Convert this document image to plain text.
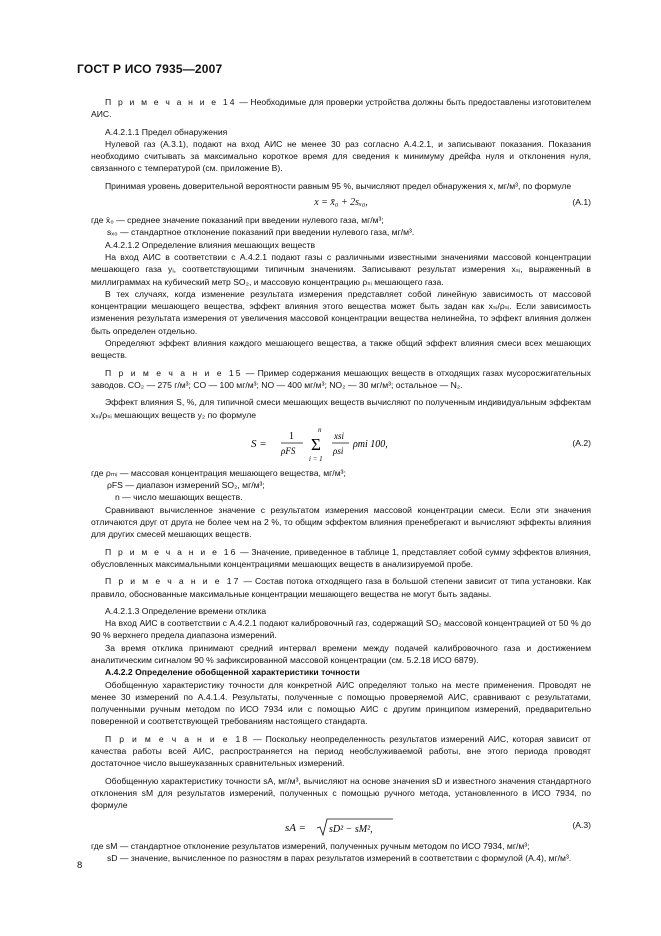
ГОСТ Р ИСО 7935—2007

П р и м е ч а н и е 14 — Необходимые для проверки устройства должны быть предоставлены изготовителем АИС.

А.4.2.1.1 Предел обнаружения

Нулевой газ (А.3.1), подают на вход АИС не менее 30 раз согласно А.4.2.1, и записывают показания. Показания необходимо считывать за максимально короткое время для сведения к минимуму дрейфа нуля и отклонения нуля, связанного с температурой (см. приложение В).

Принимая уровень доверительной вероятности равным 95 %, вычисляют предел обнаружения x, мг/м³, по формуле

x = x̄₀ + 2sₓ₀,	(А.1)
где x̄₀ — среднее значение показаний при введении нулевого газа, мг/м³;
sₓ₀ — стандартное отклонение показаний при введении нулевого газа, мг/м³.

А.4.2.1.2 Определение влияния мешающих веществ

На вход АИС в соответствии с А.4.2.1 подают газы с различными известными значениями массовой концентрации мешающего газа yᵢ, соответствующими типичным значениям. Записывают результат измерения xₛᵢ, выраженный в миллиграммах на кубический метр SO₂, и массовую концентрацию ρₛᵢ мешающего газа.

В тех случаях, когда изменение результата измерения представляет собой линейную зависимость от массовой концентрации мешающего вещества, эффект влияния этого вещества может быть задан как xₛᵢ/ρₛᵢ. Если зависимость изменения результата измерения от увеличения массовой концентрации вещества нелинейна, то эффект влияния должен быть определен отдельно.

Определяют эффект влияния каждого мешающего вещества, а также общий эффект влияния смеси всех мешающих веществ.

П р и м е ч а н и е 15 — Пример содержания мешающих веществ в отходящих газах мусоросжигательных заводов. CO₂ — 275 г/м³; CO — 100 мг/м³; NO — 400 мг/м³; NO₂ — 30 мг/м³; остальное — N₂.

Эффект влияния S, %, для типичной смеси мешающих веществ вычисляют по полученным индивидуальным эффектам xₛᵢ/ρₛᵢ мешающих веществ y₂ по формуле

S =
1
ρFS
n
Σ
i = 1
xsi
ρsi
ρmi 100,	(А.2)
где ρₘᵢ — массовая концентрация мешающего вещества, мг/м³;
ρFS — диапазон измерений SO₂, мг/м³;
n — число мешающих веществ.

Сравнивают вычисленное значение с результатом измерения массовой концентрации смеси. Если эти значения отличаются друг от друга не более чем на 2 %, то общим эффектом влияния пренебрегают и вычисляют эффекты влияния для других смесей мешающих веществ.

П р и м е ч а н и е 16 — Значение, приведенное в таблице 1, представляет собой сумму эффектов влияния, обусловленных максимальными концентрациями мешающих веществ в анализируемой пробе.

П р и м е ч а н и е 17 — Состав потока отходящего газа в большой степени зависит от типа установки. Как правило, обоснованные максимальные концентрации мешающего вещества не могут быть заданы.

А.4.2.1.3 Определение времени отклика

На вход АИС в соответствии с А.4.2.1 подают калибровочный газ, содержащий SO₂ массовой концентрацией от 50 % до 90 % верхнего предела диапазона измерений.

За время отклика принимают средний интервал времени между подачей калибровочного газа и достижением аналитическим сигналом 90 % зафиксированной массовой концентрации (см. 5.2.18 ИСО 6879).

А.4.2.2 Определение обобщенной характеристики точности

Обобщенную характеристику точности для конкретной АИС определяют только на месте применения. Проводят не менее 30 измерений по А.4.1.4. Результаты, полученные с помощью проверяемой АИС, сравнивают с результатами, полученными ручным методом по ИСО 7934 или с помощью АИС с другим принципом измерений, предварительно поверенной и соответствующей требованиям настоящего стандарта.

П р и м е ч а н и е 18 — Поскольку неопределенность результатов измерений АИС, которая зависит от качества работы всей АИС, распространяется на период необслуживаемой работы, вне этого периода проводят достаточное число вышеуказанных сравнительных измерений.

Обобщенную характеристику точности sA, мг/м³, вычисляют на основе значения sD и известного значения стандартного отклонения sM для результатов измерений, полученных с помощью ручного метода, установленного в ИСО 7934, по формуле

sA = sD² − sM²,	(А.3)
где sM — стандартное отклонение результатов измерений, полученных ручным методом по ИСО 7934, мг/м³;
sD — значение, вычисленное по разностям в парах результатов измерений в соответствии с формулой (А.4), мг/м³.
8
